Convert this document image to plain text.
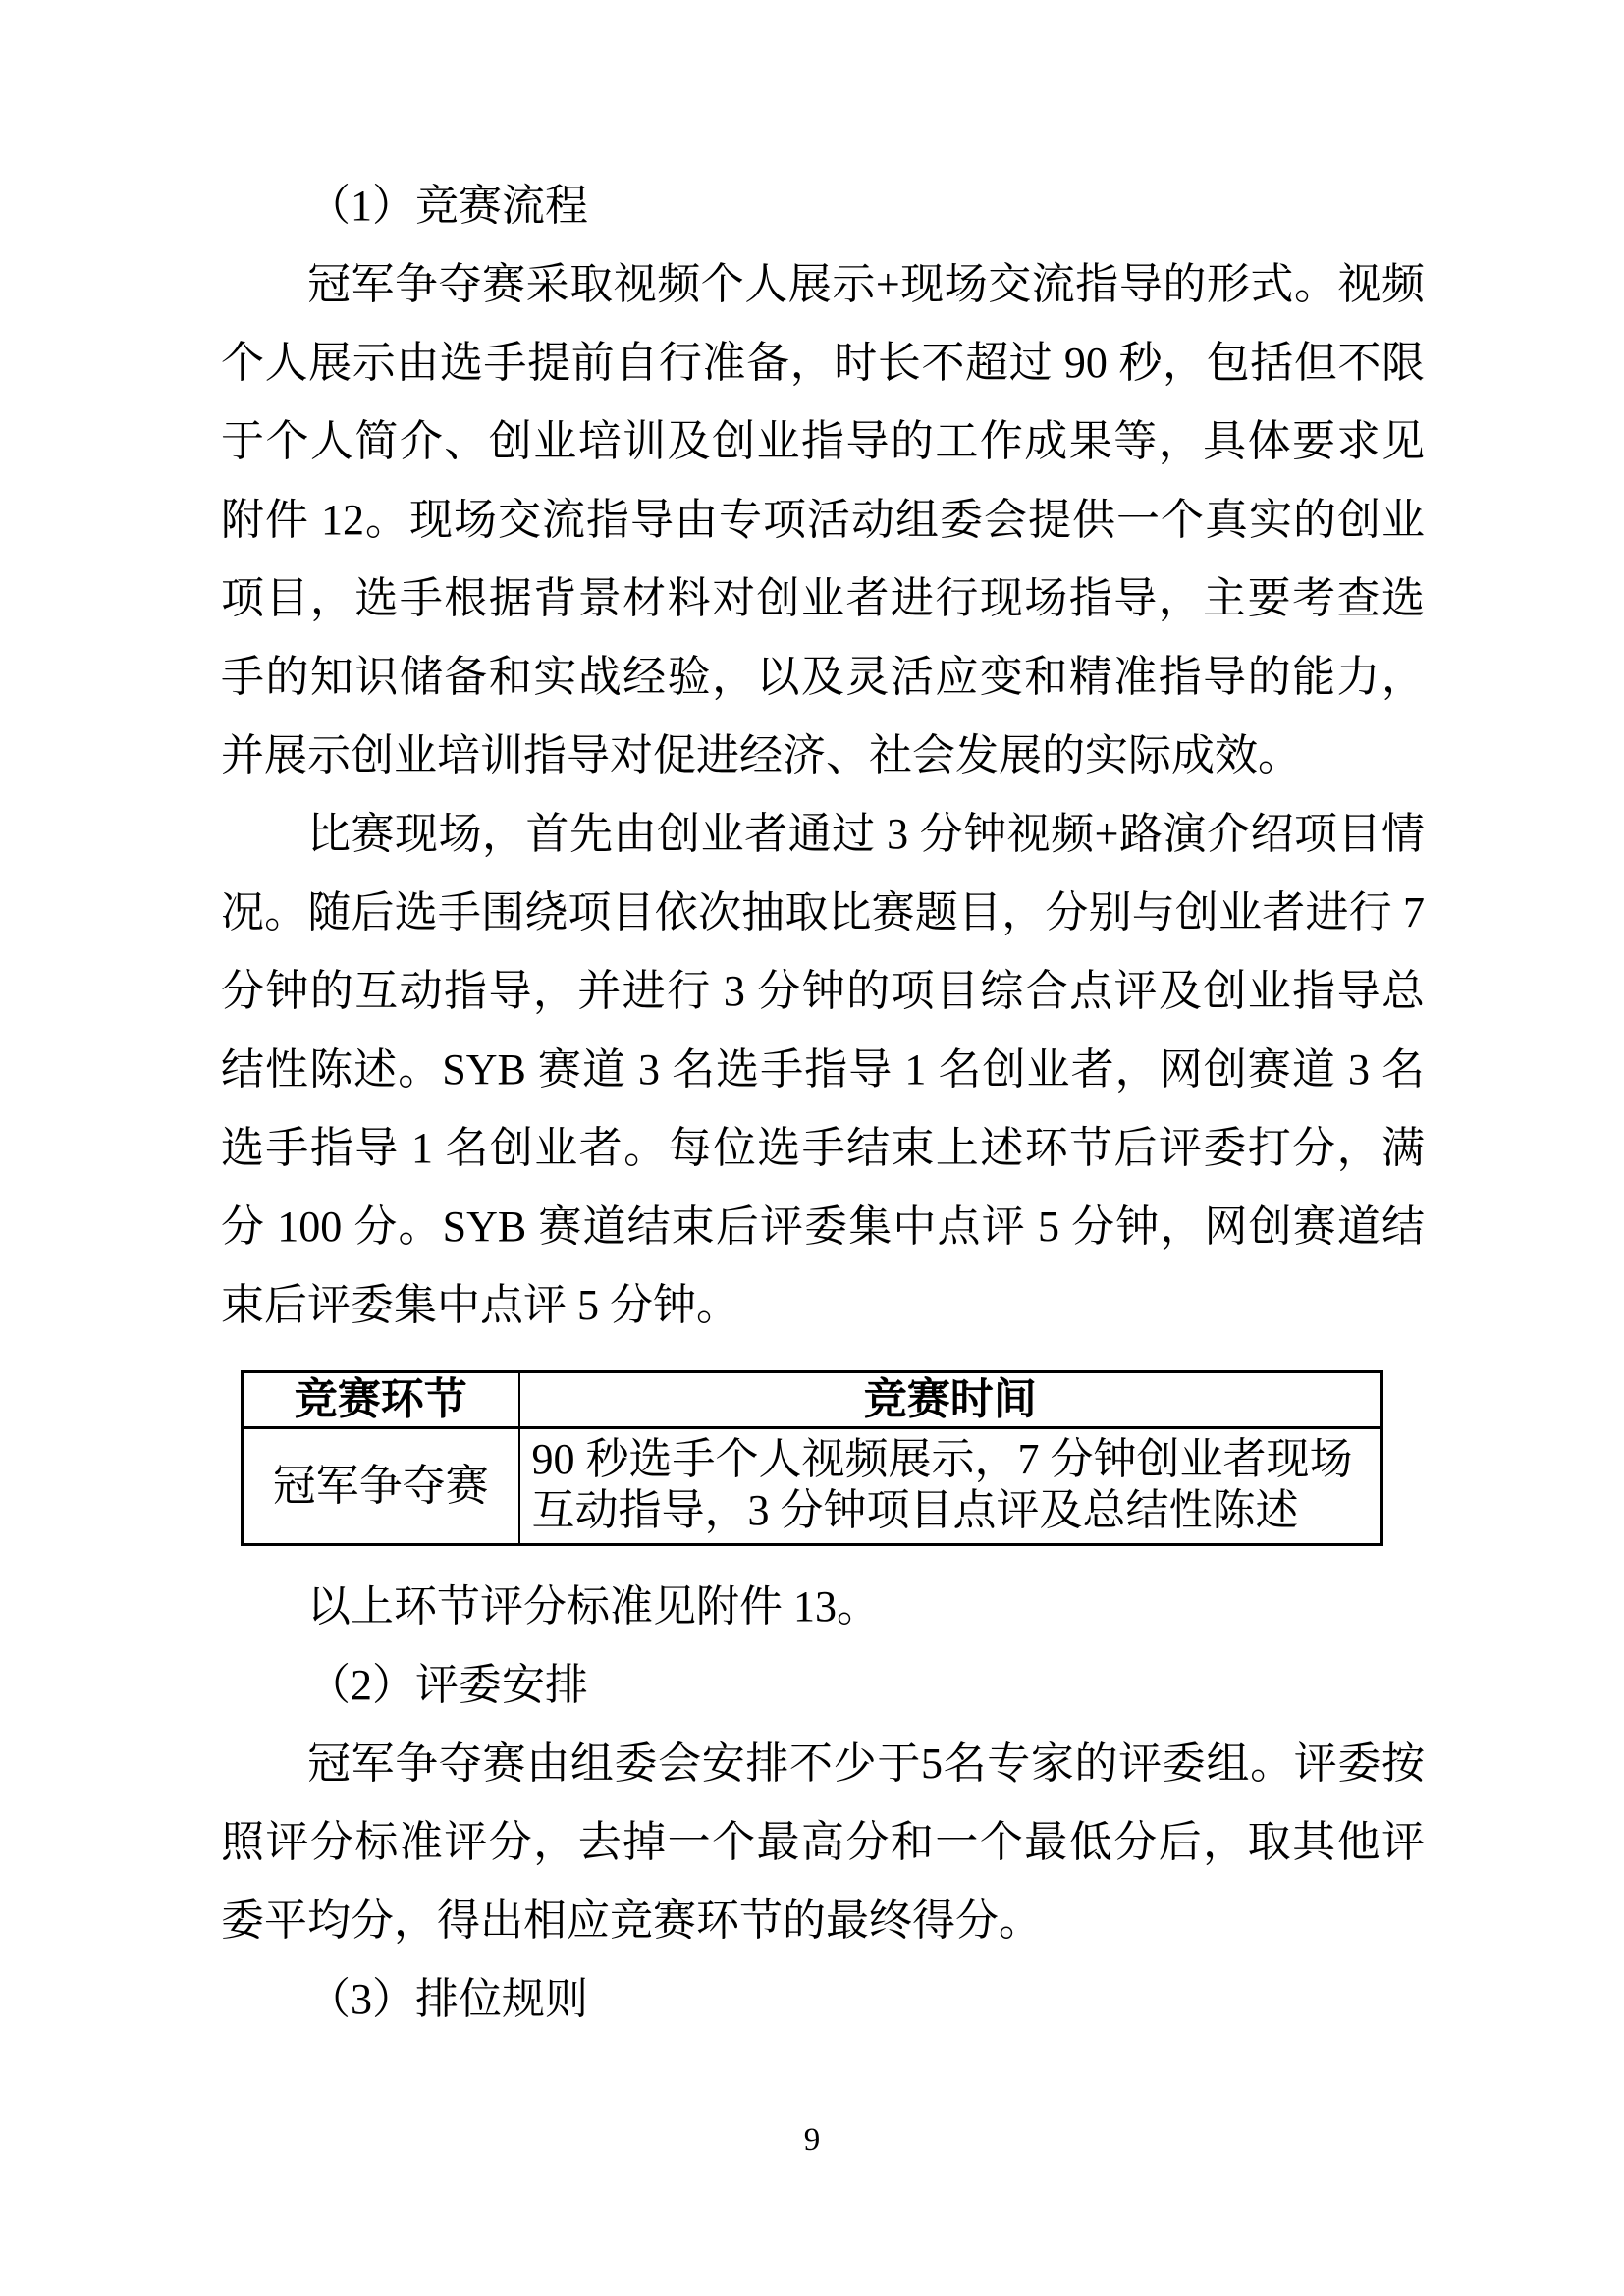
（1）竞赛流程

冠军争夺赛采取视频个人展示+现场交流指导的形式。视频个人展示由选手提前自行准备，时长不超过 90 秒，包括但不限于个人简介、创业培训及创业指导的工作成果等，具体要求见附件 12。现场交流指导由专项活动组委会提供一个真实的创业项目，选手根据背景材料对创业者进行现场指导，主要考查选手的知识储备和实战经验，以及灵活应变和精准指导的能力，并展示创业培训指导对促进经济、社会发展的实际成效。

比赛现场，首先由创业者通过 3 分钟视频+路演介绍项目情况。随后选手围绕项目依次抽取比赛题目，分别与创业者进行 7 分钟的互动指导，并进行 3 分钟的项目综合点评及创业指导总结性陈述。SYB 赛道 3 名选手指导 1 名创业者，网创赛道 3 名选手指导 1 名创业者。每位选手结束上述环节后评委打分，满分 100 分。SYB 赛道结束后评委集中点评 5 分钟，网创赛道结束后评委集中点评 5 分钟。

竞赛环节	竞赛时间
冠军争夺赛	90 秒选手个人视频展示，7 分钟创业者现场互动指导，3 分钟项目点评及总结性陈述

以上环节评分标准见附件 13。

（2）评委安排

冠军争夺赛由组委会安排不少于5名专家的评委组。评委按照评分标准评分，去掉一个最高分和一个最低分后，取其他评委平均分，得出相应竞赛环节的最终得分。

（3）排位规则

9
